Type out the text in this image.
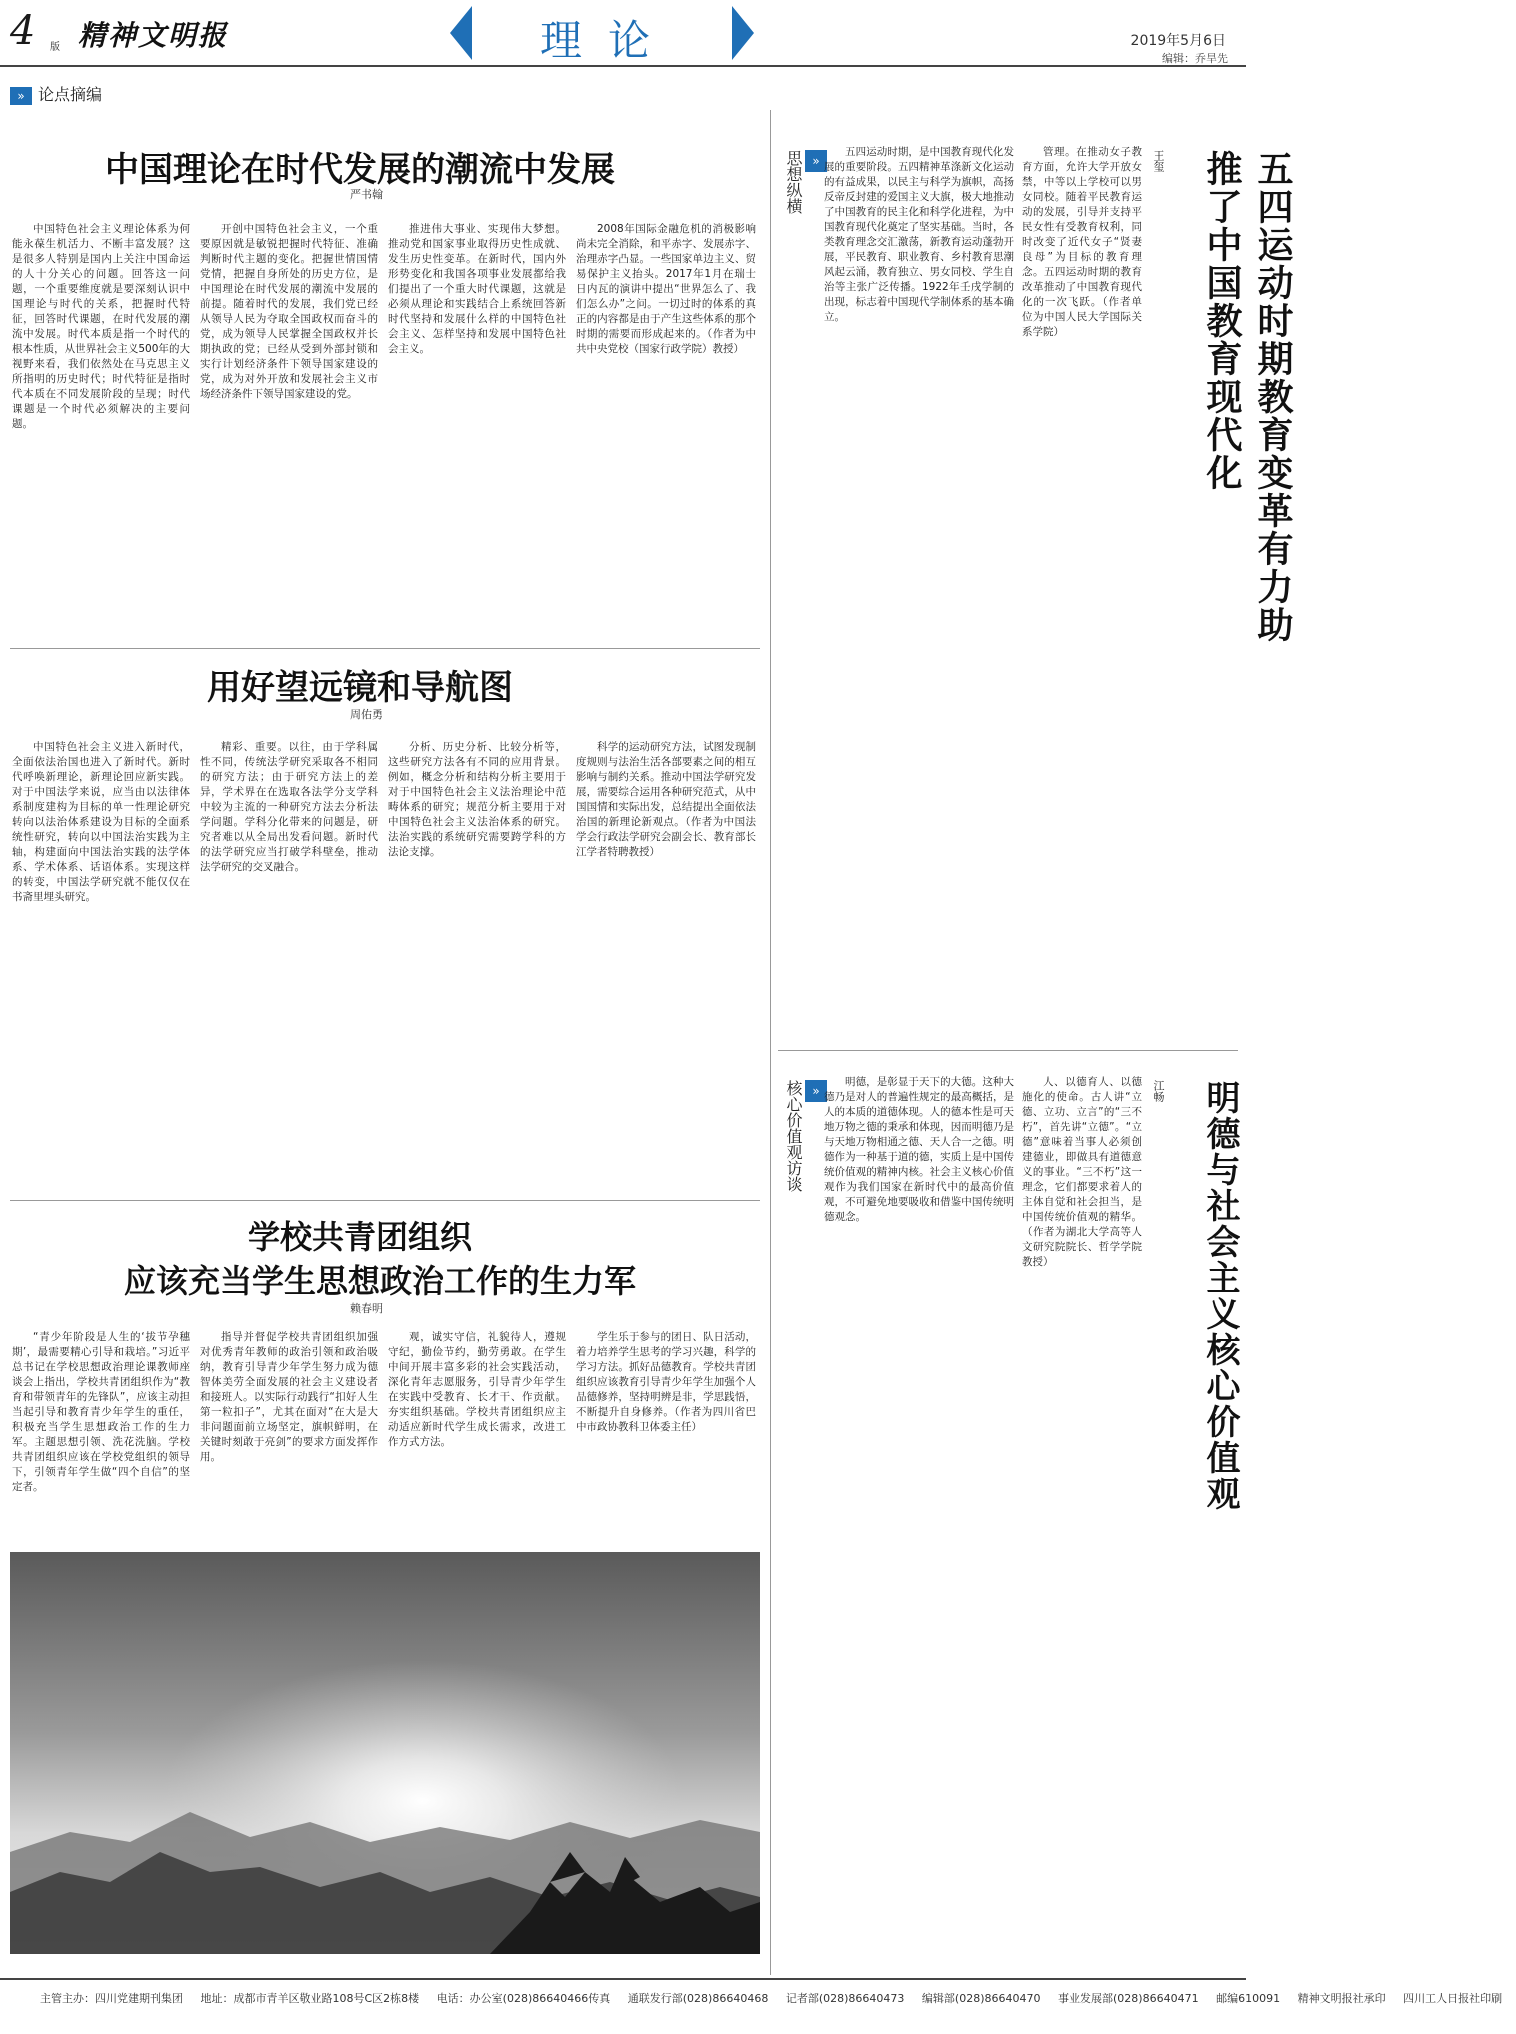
4 版 精神文明报	理论	2019年5月6日
编辑：乔旱先
» 论点摘编
中国理论在时代发展的潮流中发展
严书翰

中国特色社会主义理论体系为何能永葆生机活力、不断丰富发展？这是很多人特别是国内上关注中国命运的人十分关心的问题。回答这一问题，一个重要维度就是要深刻认识中国理论与时代的关系，把握时代特征，回答时代课题，在时代发展的潮流中发展。时代本质是指一个时代的根本性质，从世界社会主义500年的大视野来看，我们依然处在马克思主义所指明的历史时代；时代特征是指时代本质在不同发展阶段的呈现；时代课题是一个时代必须解决的主要问题。

开创中国特色社会主义，一个重要原因就是敏锐把握时代特征、准确判断时代主题的变化。把握世情国情党情，把握自身所处的历史方位，是中国理论在时代发展的潮流中发展的前提。随着时代的发展，我们党已经从领导人民为夺取全国政权而奋斗的党，成为领导人民掌握全国政权并长期执政的党；已经从受到外部封锁和实行计划经济条件下领导国家建设的党，成为对外开放和发展社会主义市场经济条件下领导国家建设的党。

推进伟大事业、实现伟大梦想。推动党和国家事业取得历史性成就、发生历史性变革。在新时代，国内外形势变化和我国各项事业发展都给我们提出了一个重大时代课题，这就是必须从理论和实践结合上系统回答新时代坚持和发展什么样的中国特色社会主义、怎样坚持和发展中国特色社会主义。

2008年国际金融危机的消极影响尚未完全消除，和平赤字、发展赤字、治理赤字凸显。一些国家单边主义、贸易保护主义抬头。2017年1月在瑞士日内瓦的演讲中提出“世界怎么了、我们怎么办”之问。一切过时的体系的真正的内容都是由于产生这些体系的那个时期的需要而形成起来的。（作者为中共中央党校（国家行政学院）教授）

用好望远镜和导航图
周佑勇

中国特色社会主义进入新时代，全面依法治国也进入了新时代。新时代呼唤新理论，新理论回应新实践。对于中国法学来说，应当由以法律体系制度建构为目标的单一性理论研究转向以法治体系建设为目标的全面系统性研究，转向以中国法治实践为主轴，构建面向中国法治实践的法学体系、学术体系、话语体系。实现这样的转变，中国法学研究就不能仅仅在书斋里埋头研究。

精彩、重要。以往，由于学科属性不同，传统法学研究采取各不相同的研究方法；由于研究方法上的差异，学术界在在选取各法学分支学科中较为主流的一种研究方法去分析法学问题。学科分化带来的问题是，研究者难以从全局出发看问题。新时代的法学研究应当打破学科壁垒，推动法学研究的交叉融合。

分析、历史分析、比较分析等，这些研究方法各有不同的应用背景。例如，概念分析和结构分析主要用于对于中国特色社会主义法治理论中范畴体系的研究；规范分析主要用于对中国特色社会主义法治体系的研究。法治实践的系统研究需要跨学科的方法论支撑。

科学的运动研究方法，试图发现制度规则与法治生活各部要素之间的相互影响与制约关系。推动中国法学研究发展，需要综合运用各种研究范式，从中国国情和实际出发，总结提出全面依法治国的新理论新观点。（作者为中国法学会行政法学研究会副会长、教育部长江学者特聘教授）

学校共青团组织
应该充当学生思想政治工作的生力军
赖春明

“青少年阶段是人生的‘拔节孕穗期’，最需要精心引导和栽培。”习近平总书记在学校思想政治理论课教师座谈会上指出，学校共青团组织作为“教育和带领青年的先锋队”，应该主动担当起引导和教育青少年学生的重任，积极充当学生思想政治工作的生力军。主题思想引领、洗花洗脑。学校共青团组织应该在学校党组织的领导下，引领青年学生做“四个自信”的坚定者。

指导并督促学校共青团组织加强对优秀青年教师的政治引领和政治吸纳，教育引导青少年学生努力成为德智体美劳全面发展的社会主义建设者和接班人。以实际行动践行“扣好人生第一粒扣子”，尤其在面对“在大是大非问题面前立场坚定，旗帜鲜明，在关键时刻敢于亮剑”的要求方面发挥作用。

观，诚实守信，礼貌待人，遵规守纪，勤俭节约，勤劳勇敢。在学生中间开展丰富多彩的社会实践活动，深化青年志愿服务，引导青少年学生在实践中受教育、长才干、作贡献。夯实组织基础。学校共青团组织应主动适应新时代学生成长需求，改进工作方式方法。

学生乐于参与的团日、队日活动，着力培养学生思考的学习兴趣，科学的学习方法。抓好品德教育。学校共青团组织应该教育引导青少年学生加强个人品德修养，坚持明辨是非，学思践悟，不断提升自身修养。（作者为四川省巴中市政协教科卫体委主任）

»
思想纵横	五四运动时期，是中国教育现代化发展的重要阶段。五四精神革涤新文化运动的有益成果，以民主与科学为旗帜，高扬反帝反封建的爱国主义大旗，极大地推动了中国教育的民主化和科学化进程，为中国教育现代化奠定了坚实基础。当时，各类教育理念交汇激荡，新教育运动蓬勃开展，平民教育、职业教育、乡村教育思潮风起云涌，教育独立、男女同校、学生自治等主张广泛传播。1922年壬戌学制的出现，标志着中国现代学制体系的基本确立。

管理。在推动女子教育方面，允许大学开放女禁，中等以上学校可以男女同校。随着平民教育运动的发展，引导并支持平民女性有受教育权利，同时改变了近代女子“贤妻良母”为目标的教育理念。五四运动时期的教育改革推动了中国教育现代化的一次飞跃。（作者单位为中国人民大学国际关系学院）	五四运动时期教育变革有力助推了中国教育现代化
王玺
»
核心价值观访谈	明德，是彰显于天下的大德。这种大德乃是对人的普遍性规定的最高概括，是人的本质的道德体现。人的德本性是可天地万物之德的秉承和体现，因而明德乃是与天地万物相通之德、天人合一之德。明德作为一种基于道的德，实质上是中国传统价值观的精神内核。社会主义核心价值观作为我们国家在新时代中的最高价值观，不可避免地要吸收和借鉴中国传统明德观念。

人、以德育人、以德施化的使命。古人讲“立德、立功、立言”的“三不朽”，首先讲“立德”。“立德”意味着当事人必须创建德业，即做具有道德意义的事业。“三不朽”这一理念，它们都要求着人的主体自觉和社会担当，是中国传统价值观的精华。（作者为湖北大学高等人文研究院院长、哲学学院教授）	明德与社会主义核心价值观
江畅
主管主办：四川党建期刊集团 地址：成都市青羊区敬业路108号C区2栋8楼 电话：办公室(028)86640466传真 通联发行部(028)86640468 记者部(028)86640473 编辑部(028)86640470 事业发展部(028)86640471 邮编610091 精神文明报社承印 四川工人日报社印刷
